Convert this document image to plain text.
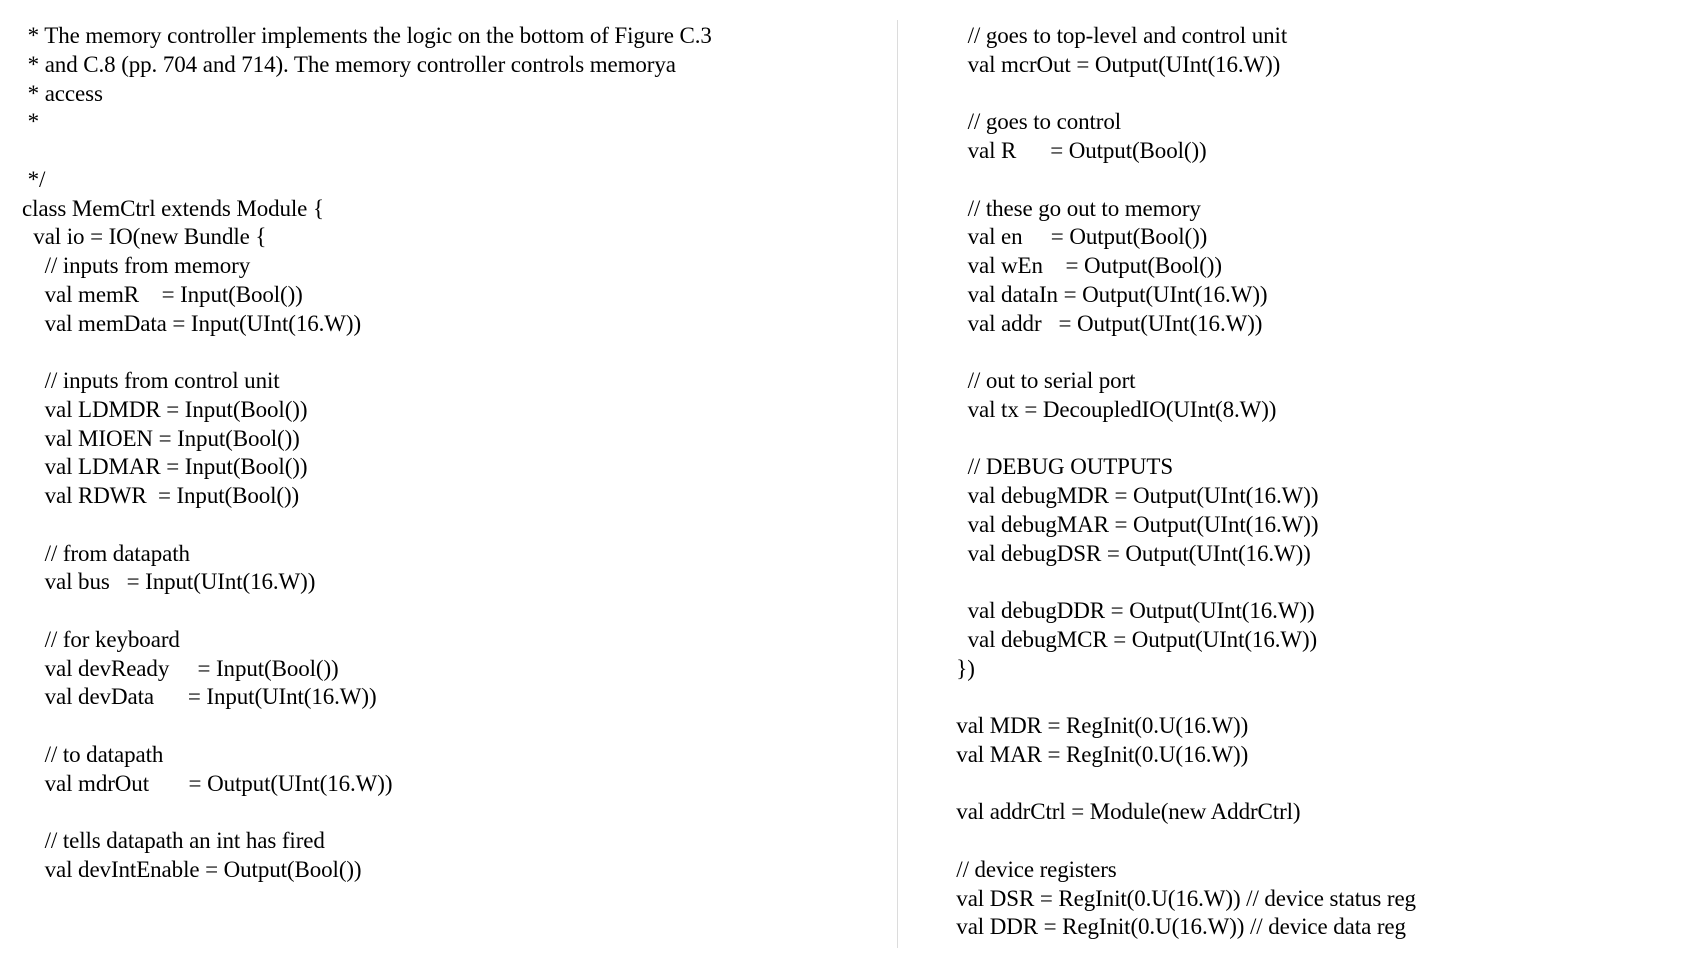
* The memory controller implements the logic on the bottom of Figure C.3
* and C.8 (pp. 704 and 714). The memory controller controls memorya
* access
*
*/
class MemCtrl extends Module {
val io = IO(new Bundle {
// inputs from memory
val memR    = Input(Bool())
val memData = Input(UInt(16.W))
// inputs from control unit
val LDMDR = Input(Bool())
val MIOEN = Input(Bool())
val LDMAR = Input(Bool())
val RDWR  = Input(Bool())
// from datapath
val bus   = Input(UInt(16.W))
// for keyboard
val devReady     = Input(Bool())
val devData      = Input(UInt(16.W))
// to datapath
val mdrOut       = Output(UInt(16.W))
// tells datapath an int has fired
val devIntEnable = Output(Bool())
// goes to top-level and control unit
val mcrOut = Output(UInt(16.W))
// goes to control
val R      = Output(Bool())
// these go out to memory
val en     = Output(Bool())
val wEn    = Output(Bool())
val dataIn = Output(UInt(16.W))
val addr   = Output(UInt(16.W))
// out to serial port
val tx = DecoupledIO(UInt(8.W))
// DEBUG OUTPUTS
val debugMDR = Output(UInt(16.W))
val debugMAR = Output(UInt(16.W))
val debugDSR = Output(UInt(16.W))
val debugDDR = Output(UInt(16.W))
val debugMCR = Output(UInt(16.W))
})
val MDR = RegInit(0.U(16.W))
val MAR = RegInit(0.U(16.W))
val addrCtrl = Module(new AddrCtrl)
// device registers
val DSR = RegInit(0.U(16.W)) // device status reg
val DDR = RegInit(0.U(16.W)) // device data reg
